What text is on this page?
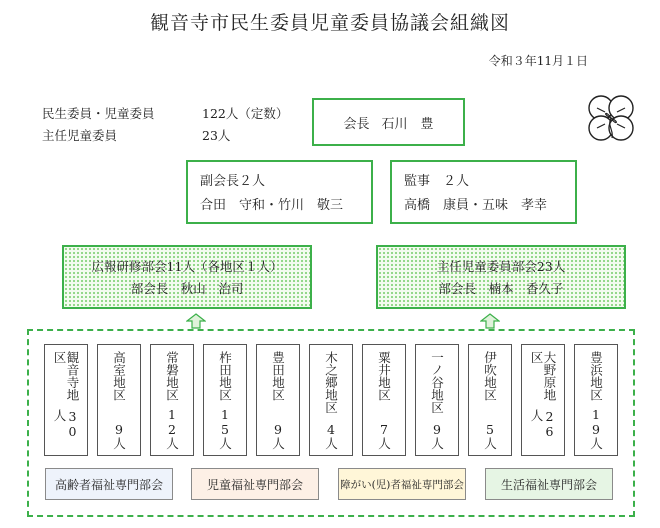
観音寺市民生委員児童委員協議会組織図
令和３年11月１日
民生委員・児童委員	122人（定数）
主任児童委員	23人
会長 石川　豊
副会長２人
合田　守和・竹川　敬三
監事　２人
高橋　康員・五味　孝幸
広報研修部会11人（各地区１人）
部会長　秋山　治司
主任児童委員部会23人
部会長　楠本　香久子
観音寺地区
30人
高室地区
9人
常磐地区
12人
柞田地区
15人
豊田地区
9人
木之郷地区
4人
粟井地区
7人
一ノ谷地区
9人
伊吹地区
5人
大野原地区
26人
豊浜地区
19人
高齢者福祉専門部会	児童福祉専門部会	障がい(児)者福祉専門部会	生活福祉専門部会
